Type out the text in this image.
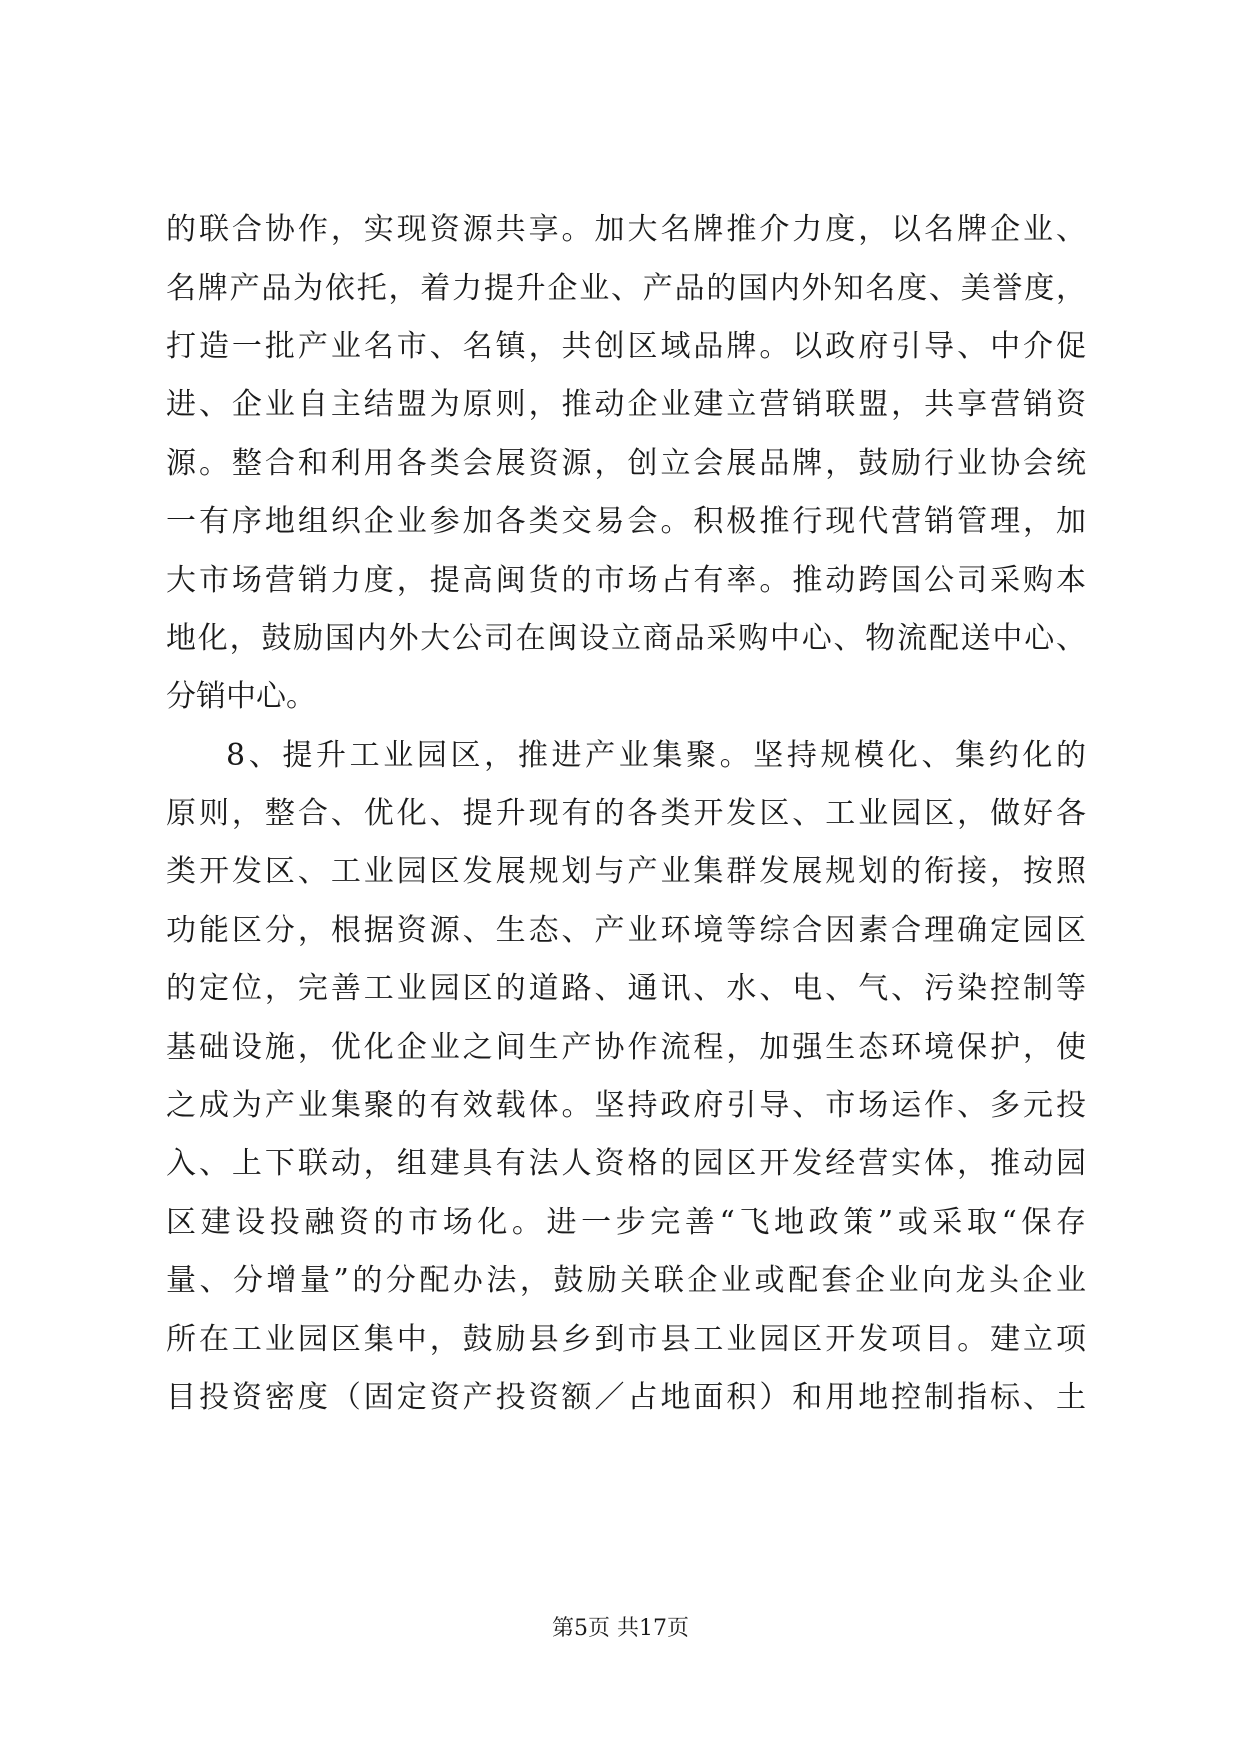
的联合协作，实现资源共享。加大名牌推介力度，以名牌企业、
名牌产品为依托，着力提升企业、产品的国内外知名度、美誉度，
打造一批产业名市、名镇，共创区域品牌。以政府引导、中介促
进、企业自主结盟为原则，推动企业建立营销联盟，共享营销资
源。整合和利用各类会展资源，创立会展品牌，鼓励行业协会统
一有序地组织企业参加各类交易会。积极推行现代营销管理，加
大市场营销力度，提高闽货的市场占有率。推动跨国公司采购本
地化，鼓励国内外大公司在闽设立商品采购中心、物流配送中心、
分销中心。
8、提升工业园区，推进产业集聚。坚持规模化、集约化的
原则，整合、优化、提升现有的各类开发区、工业园区，做好各
类开发区、工业园区发展规划与产业集群发展规划的衔接，按照
功能区分，根据资源、生态、产业环境等综合因素合理确定园区
的定位，完善工业园区的道路、通讯、水、电、气、污染控制等
基础设施，优化企业之间生产协作流程，加强生态环境保护，使
之成为产业集聚的有效载体。坚持政府引导、市场运作、多元投
入、上下联动，组建具有法人资格的园区开发经营实体，推动园
区建设投融资的市场化。进一步完善“飞地政策”或采取“保存
量、分增量”的分配办法，鼓励关联企业或配套企业向龙头企业
所在工业园区集中，鼓励县乡到市县工业园区开发项目。建立项
目投资密度（固定资产投资额／占地面积）和用地控制指标、土
第5页 共17页
